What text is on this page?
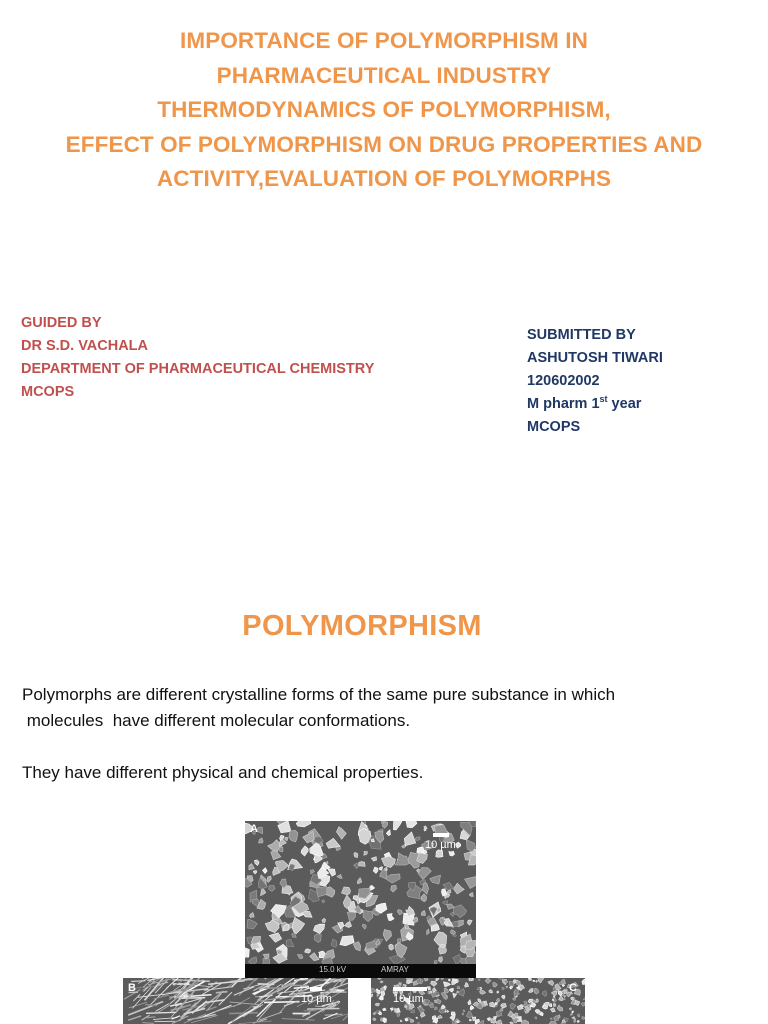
IMPORTANCE OF POLYMORPHISM IN
PHARMACEUTICAL INDUSTRY
THERMODYNAMICS OF POLYMORPHISM,
EFFECT OF POLYMORPHISM ON DRUG PROPERTIES AND
ACTIVITY,EVALUATION OF POLYMORPHS
GUIDED BY
DR S.D. VACHALA
DEPARTMENT OF PHARMACEUTICAL CHEMISTRY
MCOPS
SUBMITTED BY
ASHUTOSH TIWARI
120602002
M pharm 1st year
MCOPS
POLYMORPHISM
Polymorphs are different crystalline forms of the same pure substance in which
molecules  have different molecular conformations.
They have different physical and chemical properties.
A
10 µm
15.0 kV	AMRAY
B
10 µm
C
10 µm
